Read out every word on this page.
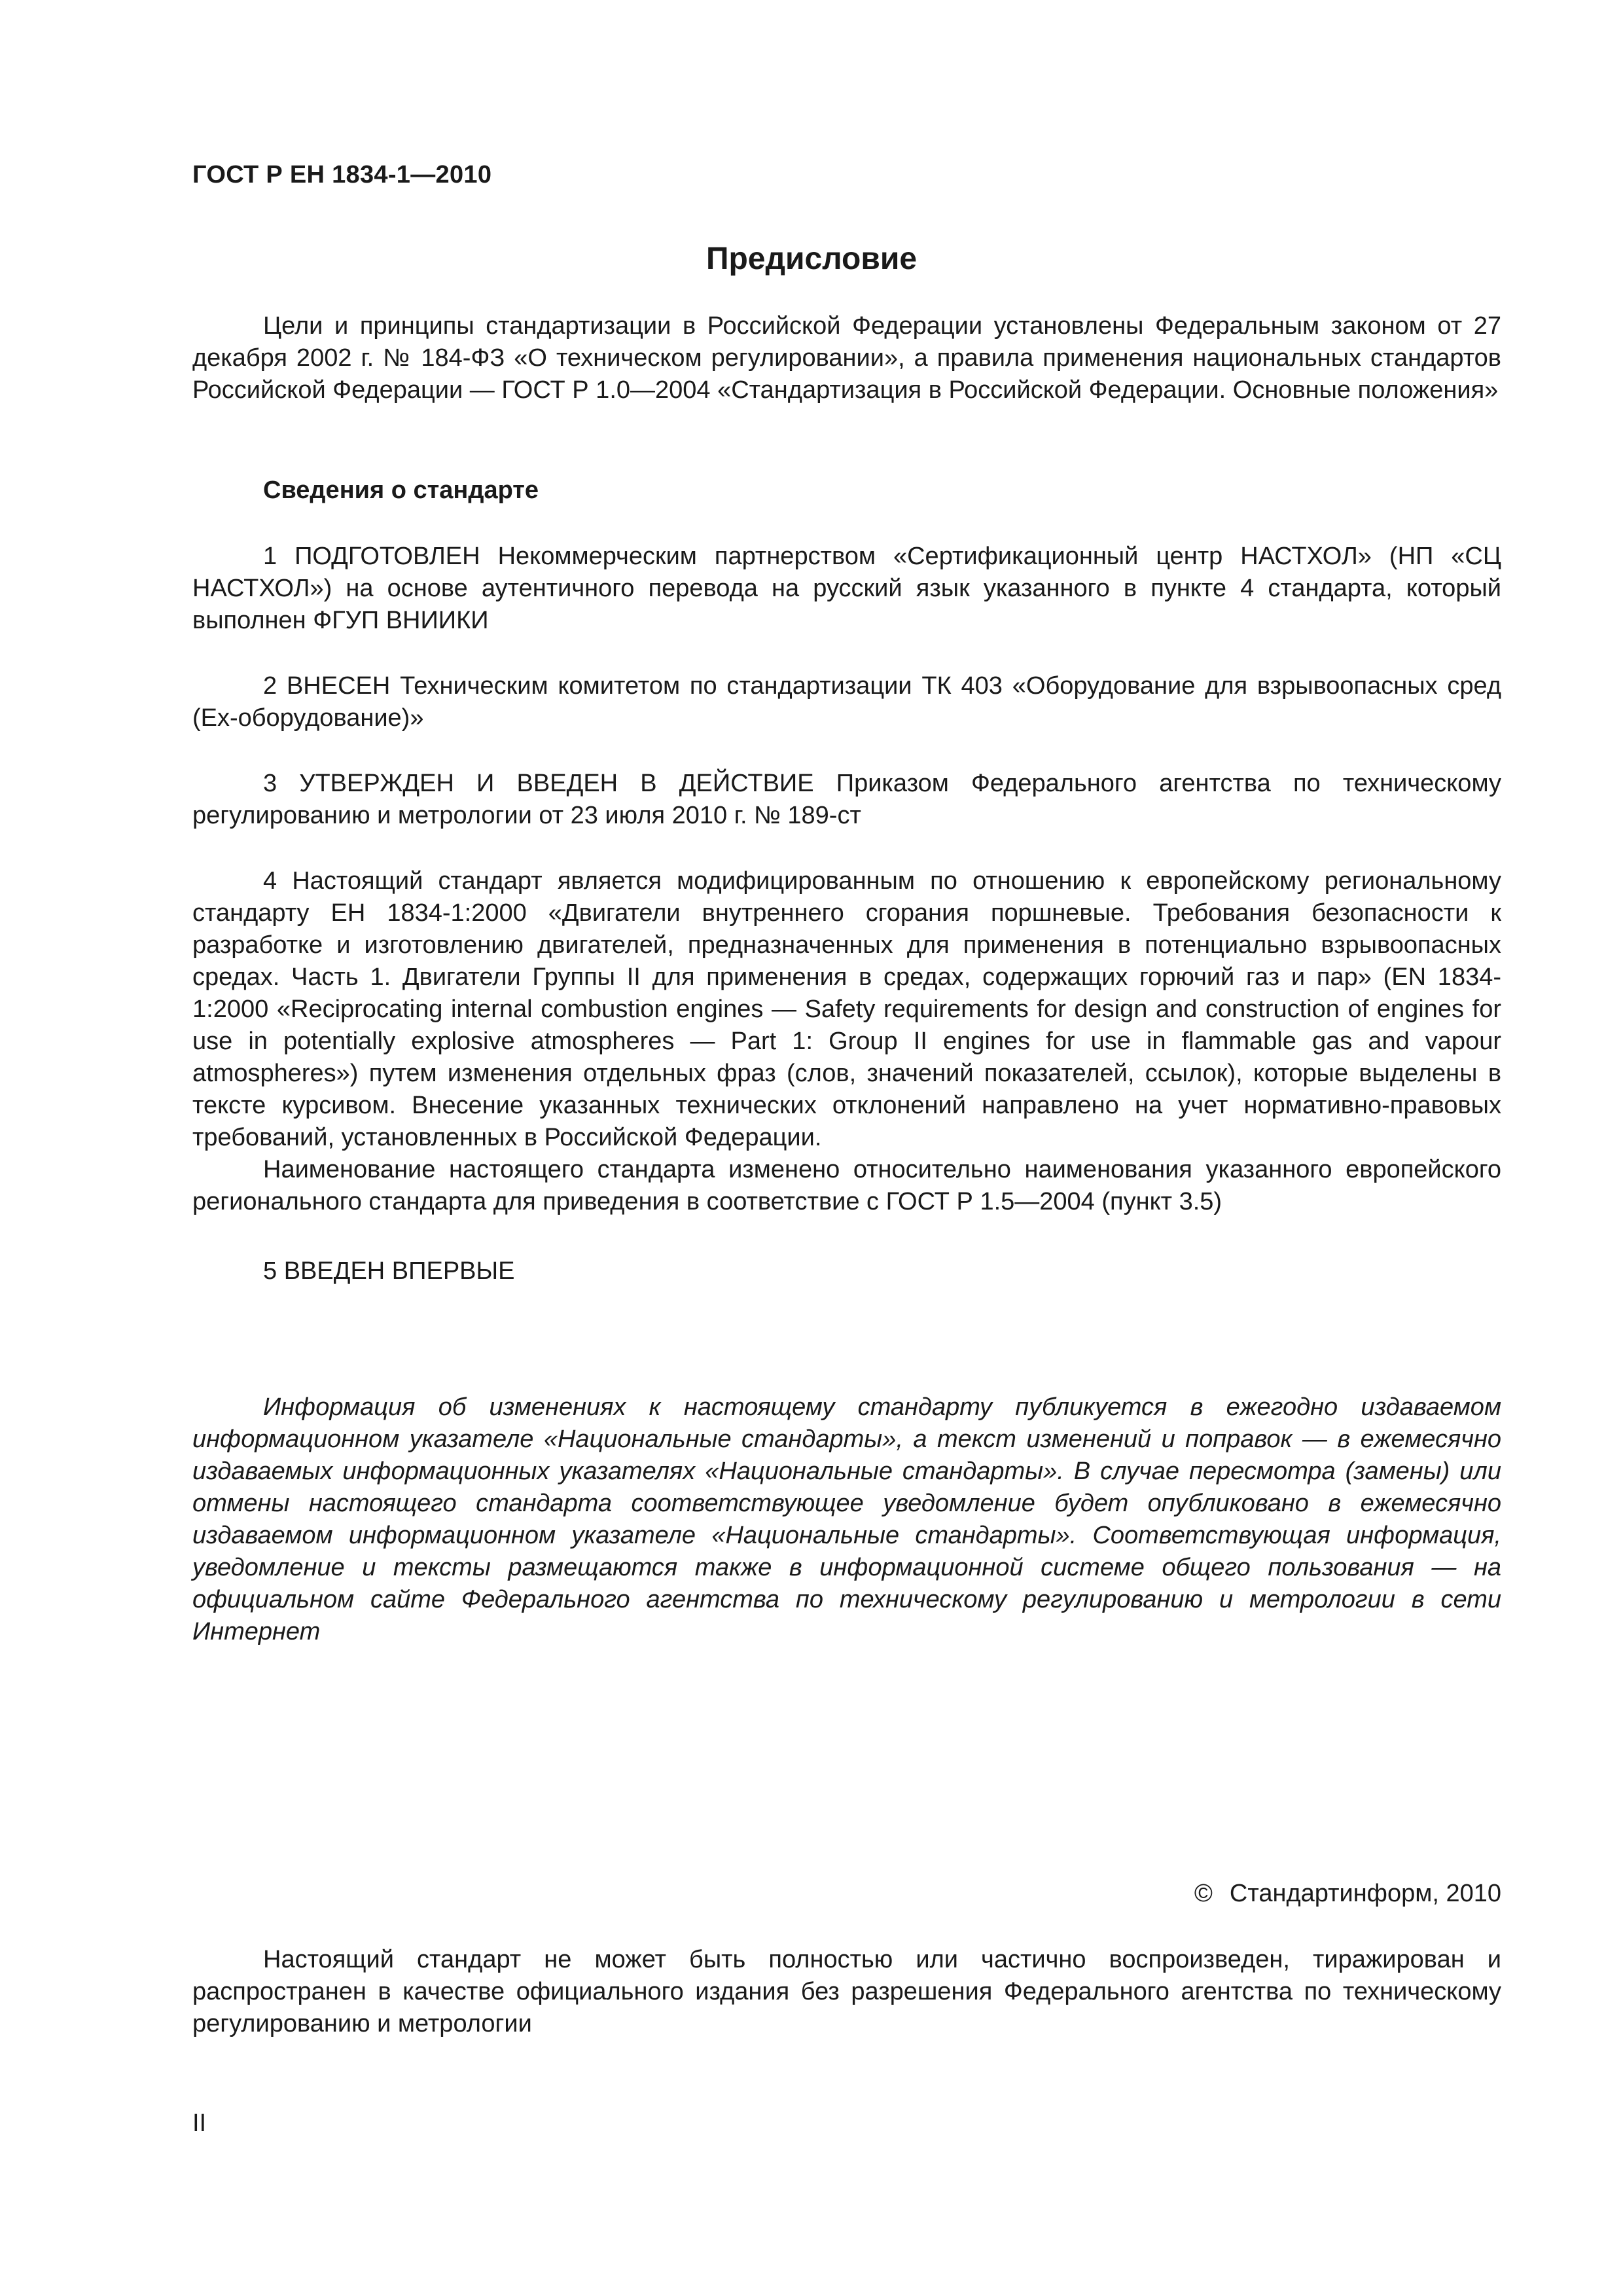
ГОСТ Р ЕН 1834-1—2010
Предисловие

Цели и принципы стандартизации в Российской Федерации установлены Федеральным законом от 27 декабря 2002 г. № 184-ФЗ «О техническом регулировании», а правила применения национальных стандартов Российской Федерации — ГОСТ Р 1.0—2004 «Стандартизация в Российской Федерации. Основные положения»

Сведения о стандарте

1 ПОДГОТОВЛЕН Некоммерческим партнерством «Сертификационный центр НАСТХОЛ» (НП «СЦ НАСТХОЛ») на основе аутентичного перевода на русский язык указанного в пункте 4 стандарта, который выполнен ФГУП ВНИИКИ

2 ВНЕСЕН Техническим комитетом по стандартизации ТК 403 «Оборудование для взрывоопасных сред (Ех-оборудование)»

3 УТВЕРЖДЕН И ВВЕДЕН В ДЕЙСТВИЕ Приказом Федерального агентства по техническому регулированию и метрологии от 23 июля 2010 г. № 189-ст

4 Настоящий стандарт является модифицированным по отношению к европейскому региональному стандарту ЕН 1834-1:2000 «Двигатели внутреннего сгорания поршневые. Требования безопасности к разработке и изготовлению двигателей, предназначенных для применения в потенциально взрывоопасных средах. Часть 1. Двигатели Группы II для применения в средах, содержащих горючий газ и пар» (EN 1834-1:2000 «Reciprocating internal combustion engines — Safety requirements for design and construction of engines for use in potentially explosive atmospheres — Part 1: Group II engines for use in flammable gas and vapour atmospheres») путем изменения отдельных фраз (слов, значений показателей, ссылок), которые выделены в тексте курсивом. Внесение указанных технических отклонений направлено на учет нормативно-правовых требований, установленных в Российской Федерации.

Наименование настоящего стандарта изменено относительно наименования указанного европейского регионального стандарта для приведения в соответствие с ГОСТ Р 1.5—2004 (пункт 3.5)

5 ВВЕДЕН ВПЕРВЫЕ

Информация об изменениях к настоящему стандарту публикуется в ежегодно издаваемом информационном указателе «Национальные стандарты», а текст изменений и поправок — в ежемесячно издаваемых информационных указателях «Национальные стандарты». В случае пересмотра (замены) или отмены настоящего стандарта соответствующее уведомление будет опубликовано в ежемесячно издаваемом информационном указателе «Национальные стандарты». Соответствующая информация, уведомление и тексты размещаются также в информационной системе общего пользования — на официальном сайте Федерального агентства по техническому регулированию и метрологии в сети Интернет

© Стандартинформ, 2010

Настоящий стандарт не может быть полностью или частично воспроизведен, тиражирован и распространен в качестве официального издания без разрешения Федерального агентства по техническому регулированию и метрологии

II
